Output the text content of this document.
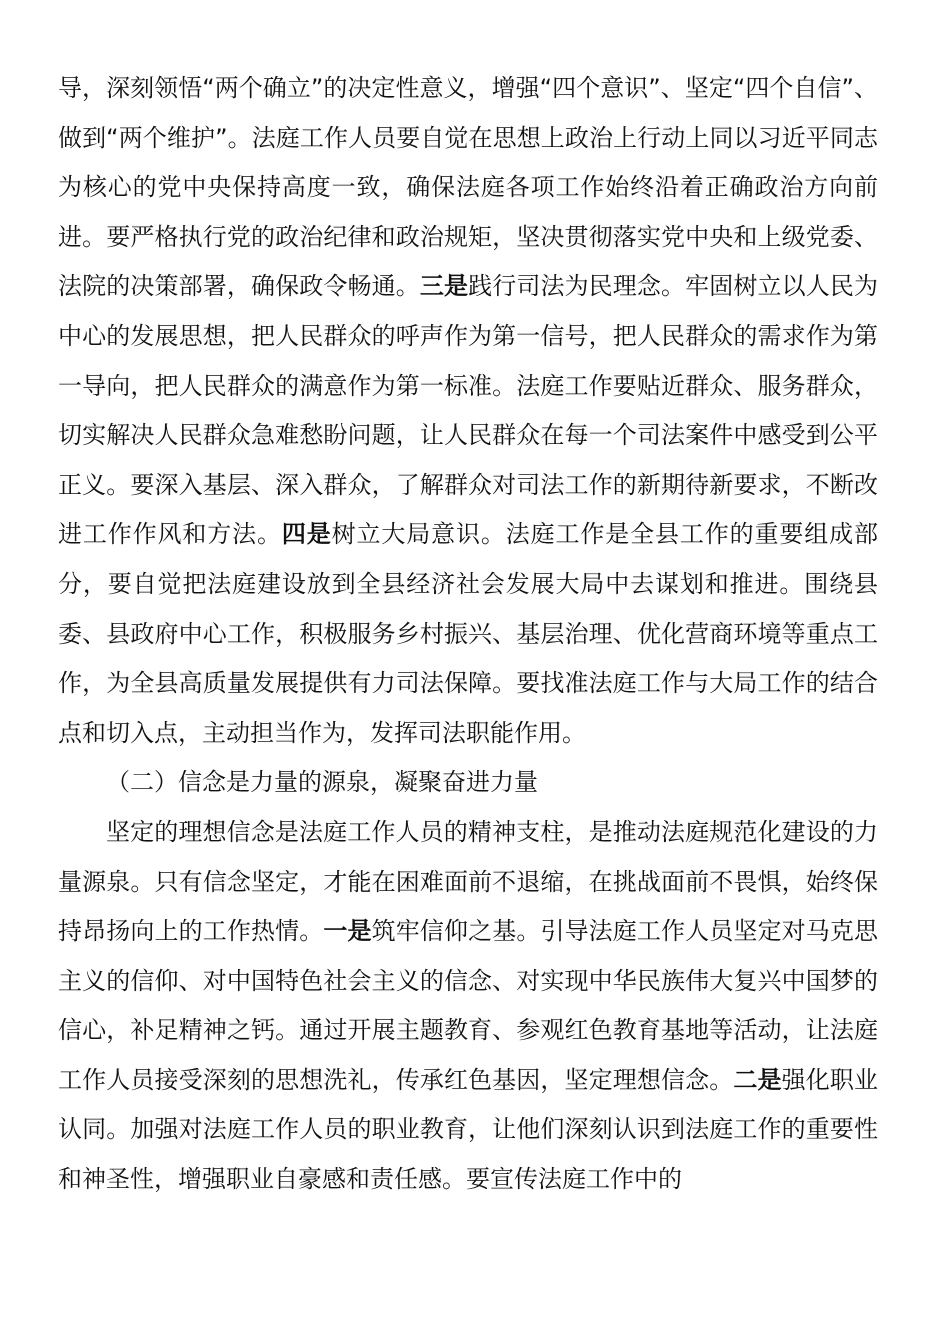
导，深刻领悟“两个确立”的决定性意义，增强“四个意识”、坚定“四个自信”、做到“两个维护”。法庭工作人员要自觉在思想上政治上行动上同以习近平同志为核心的党中央保持高度一致，确保法庭各项工作始终沿着正确政治方向前进。要严格执行党的政治纪律和政治规矩，坚决贯彻落实党中央和上级党委、法院的决策部署，确保政令畅通。三是践行司法为民理念。牢固树立以人民为中心的发展思想，把人民群众的呼声作为第一信号，把人民群众的需求作为第一导向，把人民群众的满意作为第一标准。法庭工作要贴近群众、服务群众，切实解决人民群众急难愁盼问题，让人民群众在每一个司法案件中感受到公平正义。要深入基层、深入群众，了解群众对司法工作的新期待新要求，不断改进工作作风和方法。四是树立大局意识。法庭工作是全县工作的重要组成部分，要自觉把法庭建设放到全县经济社会发展大局中去谋划和推进。围绕县委、县政府中心工作，积极服务乡村振兴、基层治理、优化营商环境等重点工作，为全县高质量发展提供有力司法保障。要找准法庭工作与大局工作的结合点和切入点，主动担当作为，发挥司法职能作用。

（二）信念是力量的源泉，凝聚奋进力量

坚定的理想信念是法庭工作人员的精神支柱，是推动法庭规范化建设的力量源泉。只有信念坚定，才能在困难面前不退缩，在挑战面前不畏惧，始终保持昂扬向上的工作热情。一是筑牢信仰之基。引导法庭工作人员坚定对马克思主义的信仰、对中国特色社会主义的信念、对实现中华民族伟大复兴中国梦的信心，补足精神之钙。通过开展主题教育、参观红色教育基地等活动，让法庭工作人员接受深刻的思想洗礼，传承红色基因，坚定理想信念。二是强化职业认同。加强对法庭工作人员的职业教育，让他们深刻认识到法庭工作的重要性和神圣性，增强职业自豪感和责任感。要宣传法庭工作中的
